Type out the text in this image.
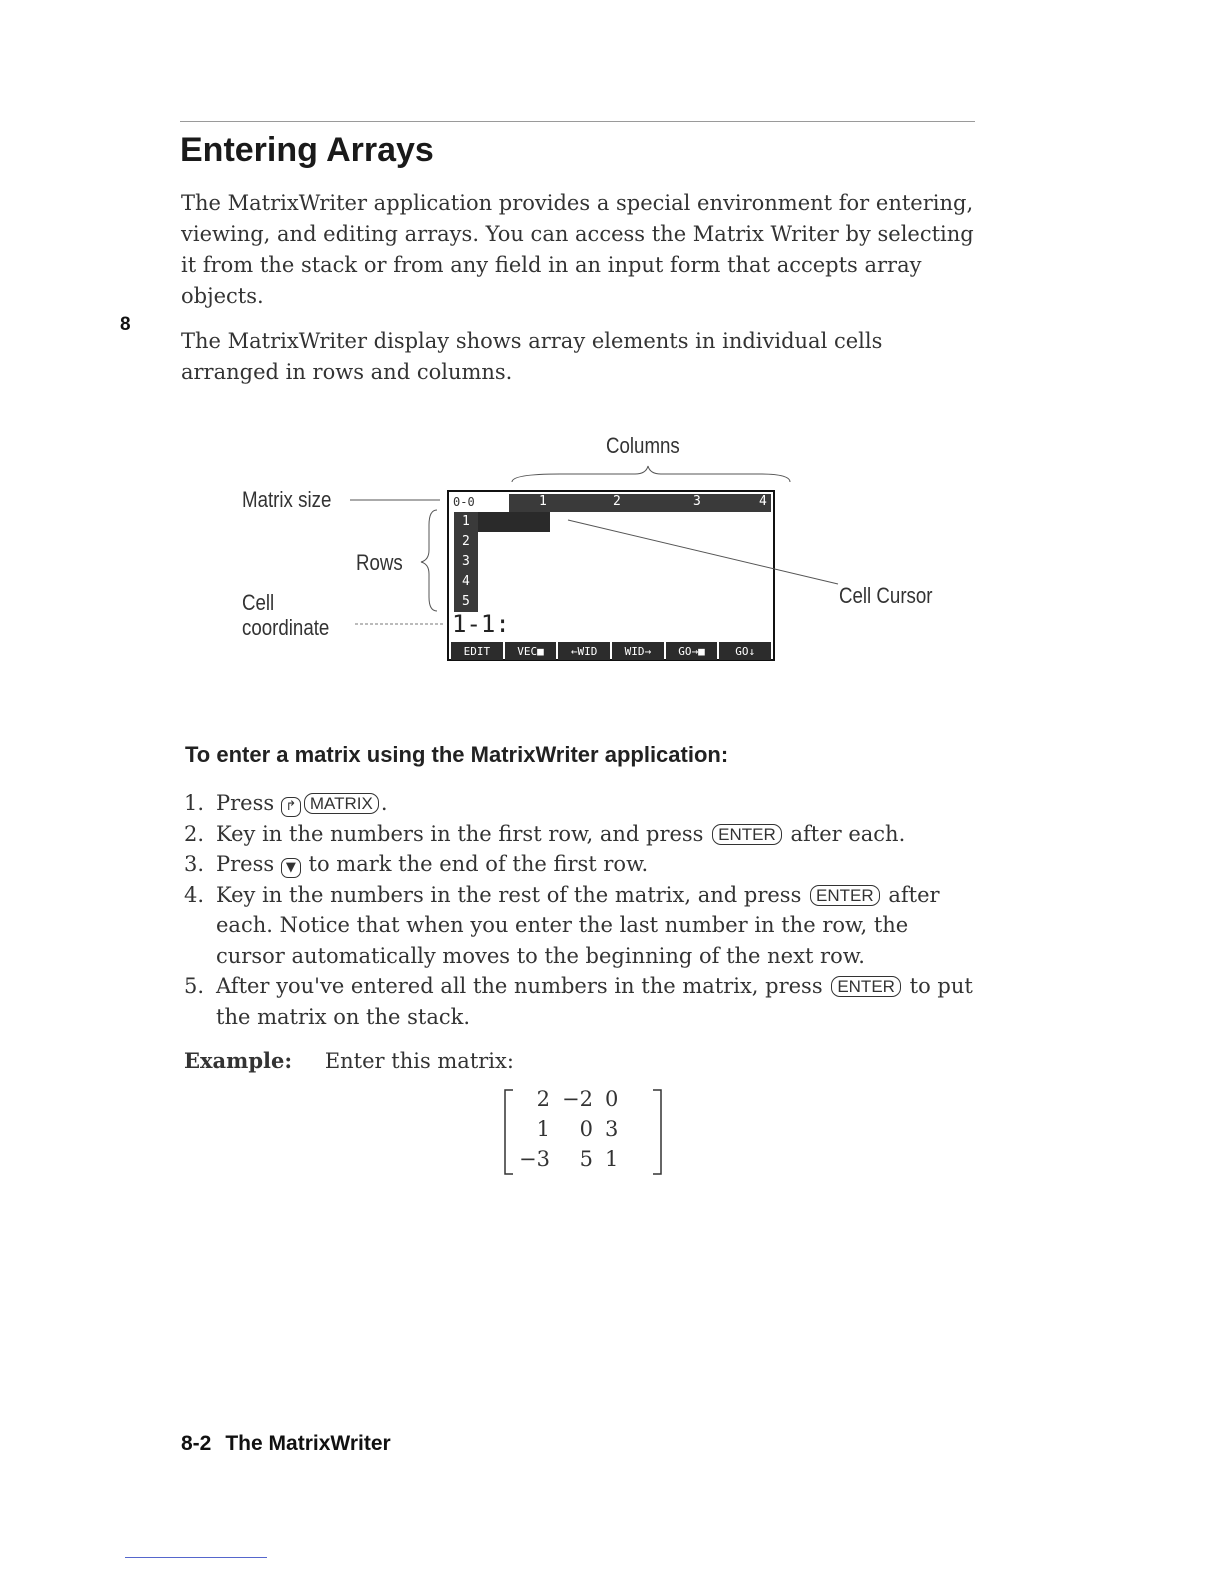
Entering Arrays
8
The MatrixWriter application provides a special environment for entering, viewing, and editing arrays. You can access the Matrix Writer by selecting it from the stack or from any field in an input form that accepts array objects.
The MatrixWriter display shows array elements in individual cells arranged in rows and columns.
Columns
Matrix size
Rows
Cell
coordinate
0-0	1	2	3	4
1
2
3
4
5
1-1:
EDIT	VEC■	←WID	WID→	GO→■	GO↓
Cell Cursor
To enter a matrix using the MatrixWriter application:
1. Press ↱ MATRIX .
2. Key in the numbers in the first row, and press ENTER after each.
3. Press ▼ to mark the end of the first row.
4. Key in the numbers in the rest of the matrix, and press ENTER after each. Notice that when you enter the last number in the row, the cursor automatically moves to the beginning of the next row.
5. After you've entered all the numbers in the matrix, press ENTER to put the matrix on the stack.
Example: Enter this matrix:
2	−2	0
1	0	3
−3	5	1
8-2 The MatrixWriter
